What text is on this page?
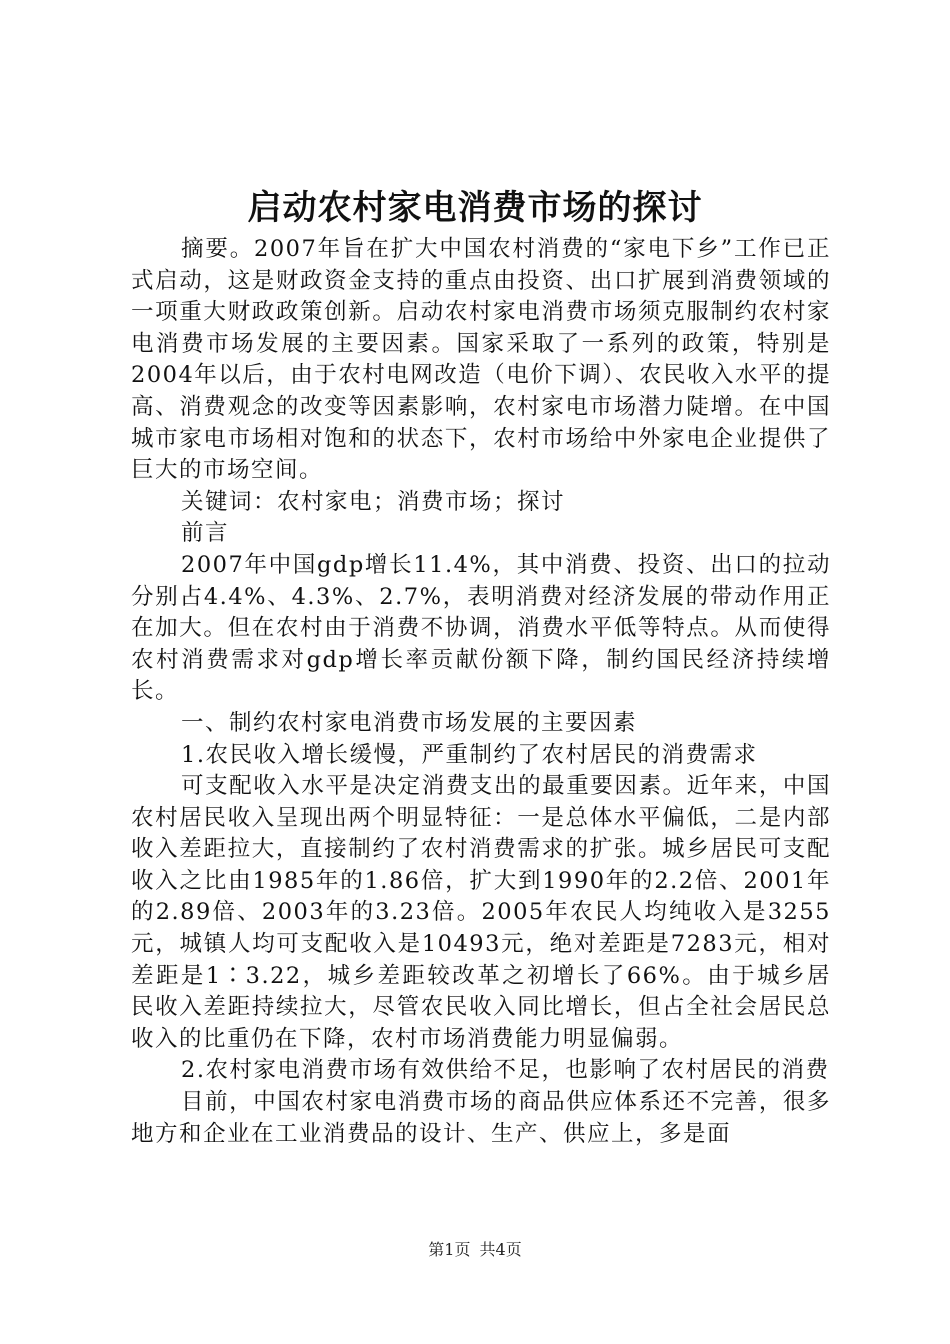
启动农村家电消费市场的探讨

摘要。2007年旨在扩大中国农村消费的“家电下乡”工作已正式启动，这是财政资金支持的重点由投资、出口扩展到消费领域的一项重大财政政策创新。启动农村家电消费市场须克服制约农村家电消费市场发展的主要因素。国家采取了一系列的政策，特别是2004年以后，由于农村电网改造（电价下调）、农民收入水平的提高、消费观念的改变等因素影响，农村家电市场潜力陡增。在中国城市家电市场相对饱和的状态下，农村市场给中外家电企业提供了巨大的市场空间。

关键词：农村家电；消费市场；探讨

前言

2007年中国gdp增长11.4%，其中消费、投资、出口的拉动分别占4.4%、4.3%、2.7%，表明消费对经济发展的带动作用正在加大。但在农村由于消费不协调，消费水平低等特点。从而使得农村消费需求对gdp增长率贡献份额下降，制约国民经济持续增长。

一、制约农村家电消费市场发展的主要因素

1.农民收入增长缓慢，严重制约了农村居民的消费需求

可支配收入水平是决定消费支出的最重要因素。近年来，中国农村居民收入呈现出两个明显特征：一是总体水平偏低，二是内部收入差距拉大，直接制约了农村消费需求的扩张。城乡居民可支配收入之比由1985年的1.86倍，扩大到1990年的2.2倍、2001年的2.89倍、2003年的3.23倍。2005年农民人均纯收入是3255元，城镇人均可支配收入是10493元，绝对差距是7283元，相对差距是1∶3.22，城乡差距较改革之初增长了66%。由于城乡居民收入差距持续拉大，尽管农民收入同比增长，但占全社会居民总收入的比重仍在下降，农村市场消费能力明显偏弱。

2.农村家电消费市场有效供给不足，也影响了农村居民的消费

目前，中国农村家电消费市场的商品供应体系还不完善，很多地方和企业在工业消费品的设计、生产、供应上，多是面

第1页 共4页
